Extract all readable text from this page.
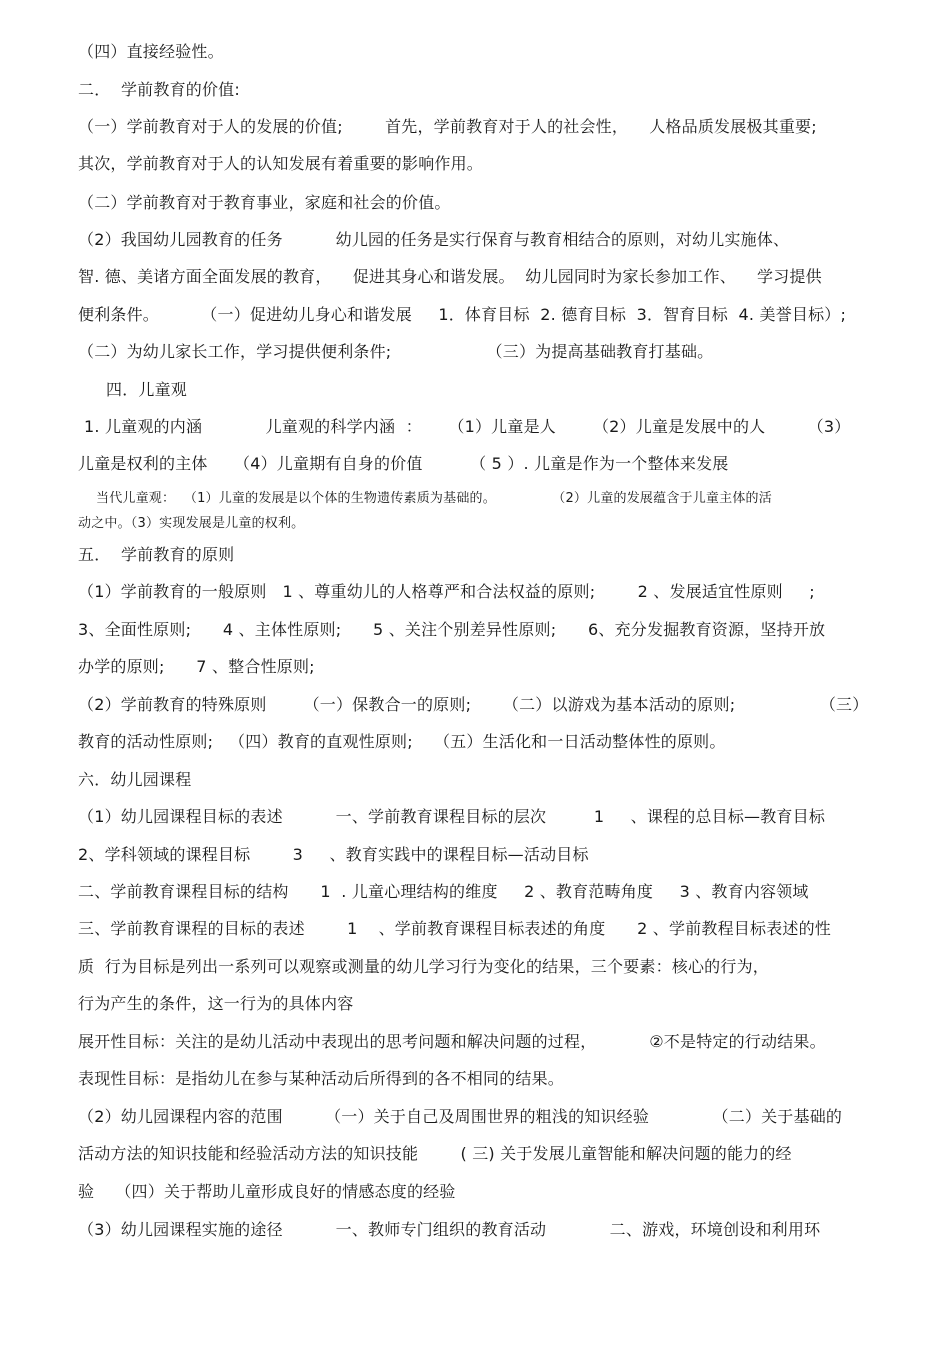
（四）直接经验性。
二．  学前教育的价值:
（一）学前教育对于人的发展的价值;        首先，学前教育对于人的社会性，    人格品质发展极其重要;
其次，学前教育对于人的认知发展有着重要的影响作用。
（二）学前教育对于教育事业，家庭和社会的价值。
（2）我国幼儿园教育的任务          幼儿园的任务是实行保育与教育相结合的原则，对幼儿实施体、
智. 德、美诸方面全面发展的教育，    促进其身心和谐发展。  幼儿园同时为家长参加工作、    学习提供
便利条件。        （一）促进幼儿身心和谐发展     1．体育目标  2. 德育目标  3．智育目标  4. 美誉目标）;
（二）为幼儿家长工作，学习提供便利条件;                  （三）为提高基础教育打基础。
四．儿童观
1. 儿童观的内涵            儿童观的科学内涵  ：     （1）儿童是人       （2）儿童是发展中的人        （3）
儿童是权利的主体     （4）儿童期有自身的价值         （ 5 ）. 儿童是作为一个整体来发展
当代儿童观：  （1）儿童的发展是以个体的生物遗传素质为基础的。             （2）儿童的发展蕴含于儿童主体的活
动之中。（3）实现发展是儿童的权利。
五．  学前教育的原则
（1）学前教育的一般原则   1 、尊重幼儿的人格尊严和合法权益的原则;        2 、发展适宜性原则     ;
3、全面性原则;      4 、主体性原则;      5 、关注个别差异性原则;      6、充分发掘教育资源，坚持开放
办学的原则;      7 、整合性原则;
（2）学前教育的特殊原则       （一）保教合一的原则;      （二）以游戏为基本活动的原则;                （三）
教育的活动性原则;   （四）教育的直观性原则;    （五）生活化和一日活动整体性的原则。
六．幼儿园课程
（1）幼儿园课程目标的表述          一、学前教育课程目标的层次         1     、课程的总目标—教育目标
2、学科领域的课程目标        3     、教育实践中的课程目标—活动目标
二、学前教育课程目标的结构      1  . 儿童心理结构的维度     2 、教育范畴角度     3 、教育内容领域
三、学前教育课程的目标的表述        1    、学前教育课程目标表述的角度      2 、学前教程目标表述的性
质  行为目标是列出一系列可以观察或测量的幼儿学习行为变化的结果，三个要素：核心的行为，
行为产生的条件，这一行为的具体内容
展开性目标：关注的是幼儿活动中表现出的思考问题和解决问题的过程，          ②不是特定的行动结果。
表现性目标：是指幼儿在参与某种活动后所得到的各不相同的结果。
（2）幼儿园课程内容的范围        （一）关于自己及周围世界的粗浅的知识经验            （二）关于基础的
活动方法的知识技能和经验活动方法的知识技能        ( 三) 关于发展儿童智能和解决问题的能力的经
验    （四）关于帮助儿童形成良好的情感态度的经验
（3）幼儿园课程实施的途径          一、教师专门组织的教育活动            二、游戏，环境创设和利用环
